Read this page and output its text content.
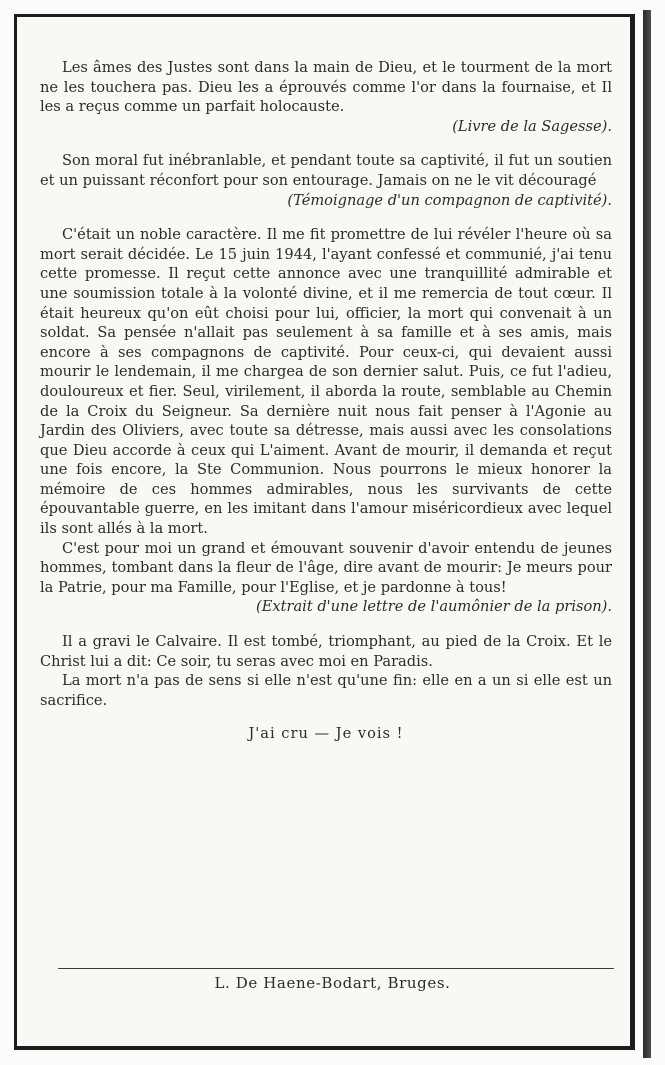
Les âmes des Justes sont dans la main de Dieu, et le tourment de la mort ne les touchera pas. Dieu les a éprouvés comme l'or dans la fournaise, et Il les a reçus comme un parfait holocauste.

(Livre de la Sagesse).

Son moral fut inébranlable, et pendant toute sa captivité, il fut un soutien et un puissant réconfort pour son entourage. Jamais on ne le vit découragé

(Témoignage d'un compagnon de captivité).

C'était un noble caractère. Il me fit promettre de lui révéler l'heure où sa mort serait décidée. Le 15 juin 1944, l'ayant confessé et communié, j'ai tenu cette promesse. Il reçut cette annonce avec une tranquillité admirable et une soumission totale à la volonté divine, et il me remercia de tout cœur. Il était heureux qu'on eût choisi pour lui, officier, la mort qui convenait à un soldat. Sa pensée n'allait pas seulement à sa famille et à ses amis, mais encore à ses compagnons de captivité. Pour ceux-ci, qui devaient aussi mourir le lendemain, il me chargea de son dernier salut. Puis, ce fut l'adieu, douloureux et fier. Seul, virilement, il aborda la route, semblable au Chemin de la Croix du Seigneur. Sa dernière nuit nous fait penser à l'Agonie au Jardin des Oliviers, avec toute sa détresse, mais aussi avec les consolations que Dieu accorde à ceux qui L'aiment. Avant de mourir, il demanda et reçut une fois encore, la Ste Communion. Nous pourrons le mieux honorer la mémoire de ces hommes admirables, nous les survivants de cette épouvantable guerre, en les imitant dans l'amour miséricordieux avec lequel ils sont allés à la mort.

C'est pour moi un grand et émouvant souvenir d'avoir entendu de jeunes hommes, tombant dans la fleur de l'âge, dire avant de mourir: Je meurs pour la Patrie, pour ma Famille, pour l'Eglise, et je pardonne à tous!

(Extrait d'une lettre de l'aumônier de la prison).

Il a gravi le Calvaire. Il est tombé, triomphant, au pied de la Croix. Et le Christ lui a dit: Ce soir, tu seras avec moi en Paradis.

La mort n'a pas de sens si elle n'est qu'une fin: elle en a un si elle est un sacrifice.

J'ai cru — Je vois !
L. De Haene-Bodart, Bruges.
